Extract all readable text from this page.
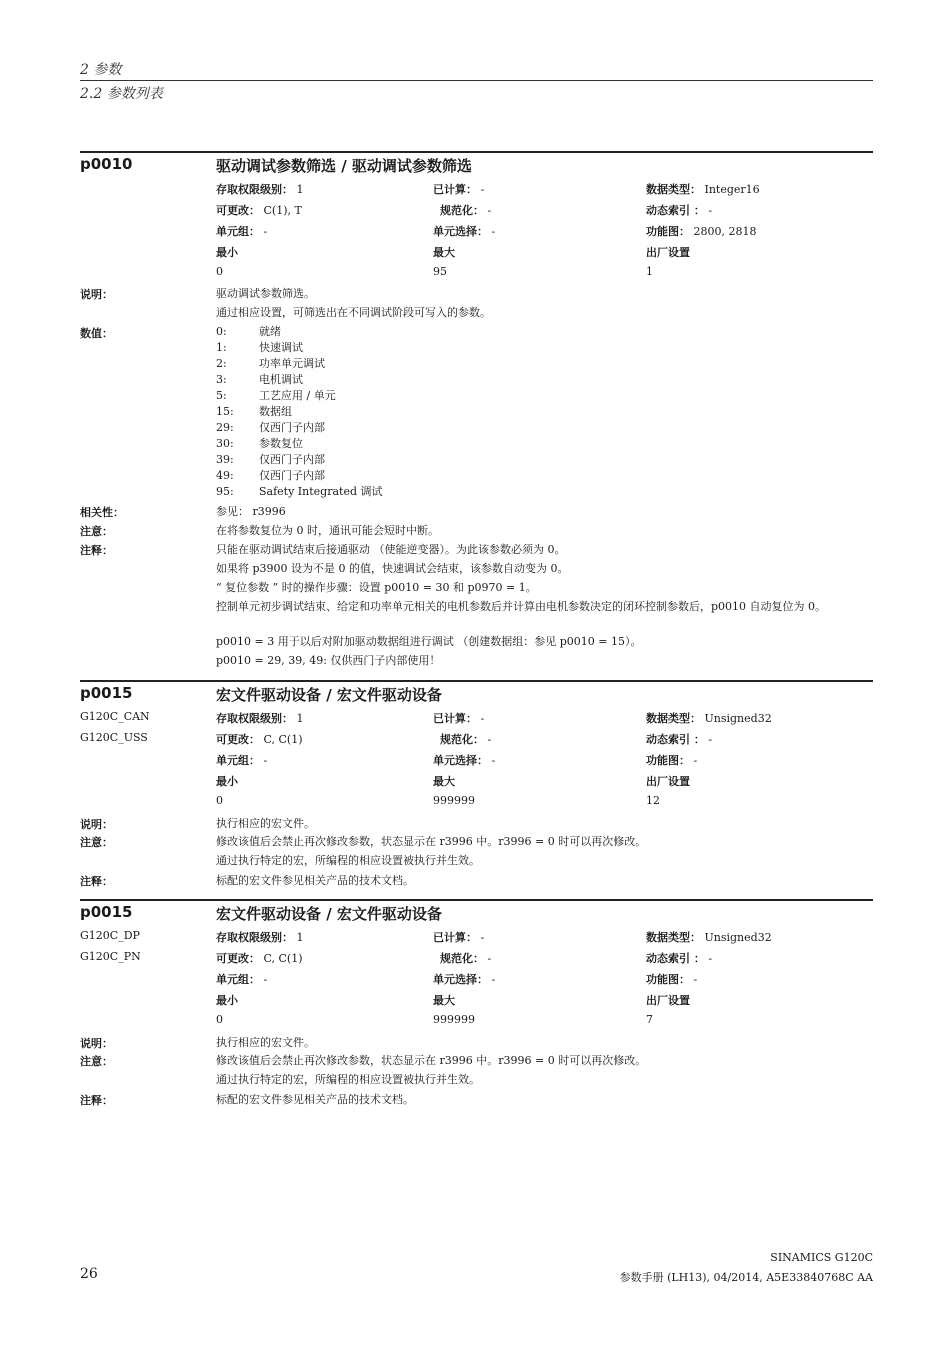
2 参数
2.2 参数列表
p0010	驱动调试参数筛选 / 驱动调试参数筛选
存取权限级别： 1	已计算： -	数据类型： Integer16
可更改： C(1), T	规范化： -	动态索引 ： -
单元组： -	单元选择： -	功能图： 2800, 2818
最小	最大	出厂设置
0	95	1
说明：	驱动调试参数筛选。
通过相应设置，可筛选出在不同调试阶段可写入的参数。
数值：	0:	就绪
1:	快速调试
2:	功率单元调试
3:	电机调试
5:	工艺应用 / 单元
15: 数据组
29: 仅西门子内部
30: 参数复位
39: 仅西门子内部
49: 仅西门子内部
95: Safety Integrated 调试
相关性：	参见： r3996
注意：	在将参数复位为 0 时，通讯可能会短时中断。
注释：	只能在驱动调试结束后接通驱动 （使能逆变器）。为此该参数必须为 0。
如果将 p3900 设为不是 0 的值，快速调试会结束，该参数自动变为 0。
“ 复位参数 ” 时的操作步骤：设置 p0010 = 30 和 p0970 = 1。
控制单元初步调试结束、给定和功率单元相关的电机参数后并计算由电机参数决定的闭环控制参数后，p0010 自动复位为 0。
p0010 = 3 用于以后对附加驱动数据组进行调试 （创建数据组：参见 p0010 = 15）。
p0010 = 29, 39, 49: 仅供西门子内部使用！
p0015	宏文件驱动设备 / 宏文件驱动设备
G120C_CAN
G120C_USS
存取权限级别： 1	已计算： -	数据类型： Unsigned32
可更改： C, C(1)	规范化： -	动态索引 ： -
单元组： -	单元选择： -	功能图： -
最小	最大	出厂设置
0	999999	12
说明：	执行相应的宏文件。
注意：	修改该值后会禁止再次修改参数，状态显示在 r3996 中。r3996 = 0 时可以再次修改。
通过执行特定的宏，所编程的相应设置被执行并生效。
注释：	标配的宏文件参见相关产品的技术文档。
p0015	宏文件驱动设备 / 宏文件驱动设备
G120C_DP
G120C_PN
存取权限级别： 1	已计算： -	数据类型： Unsigned32
可更改： C, C(1)	规范化： -	动态索引 ： -
单元组： -	单元选择： -	功能图： -
最小	最大	出厂设置
0	999999	7
说明：	执行相应的宏文件。
注意：	修改该值后会禁止再次修改参数，状态显示在 r3996 中。r3996 = 0 时可以再次修改。
通过执行特定的宏，所编程的相应设置被执行并生效。
注释：	标配的宏文件参见相关产品的技术文档。
26
SINAMICS G120C
参数手册 (LH13), 04/2014, A5E33840768C AA
